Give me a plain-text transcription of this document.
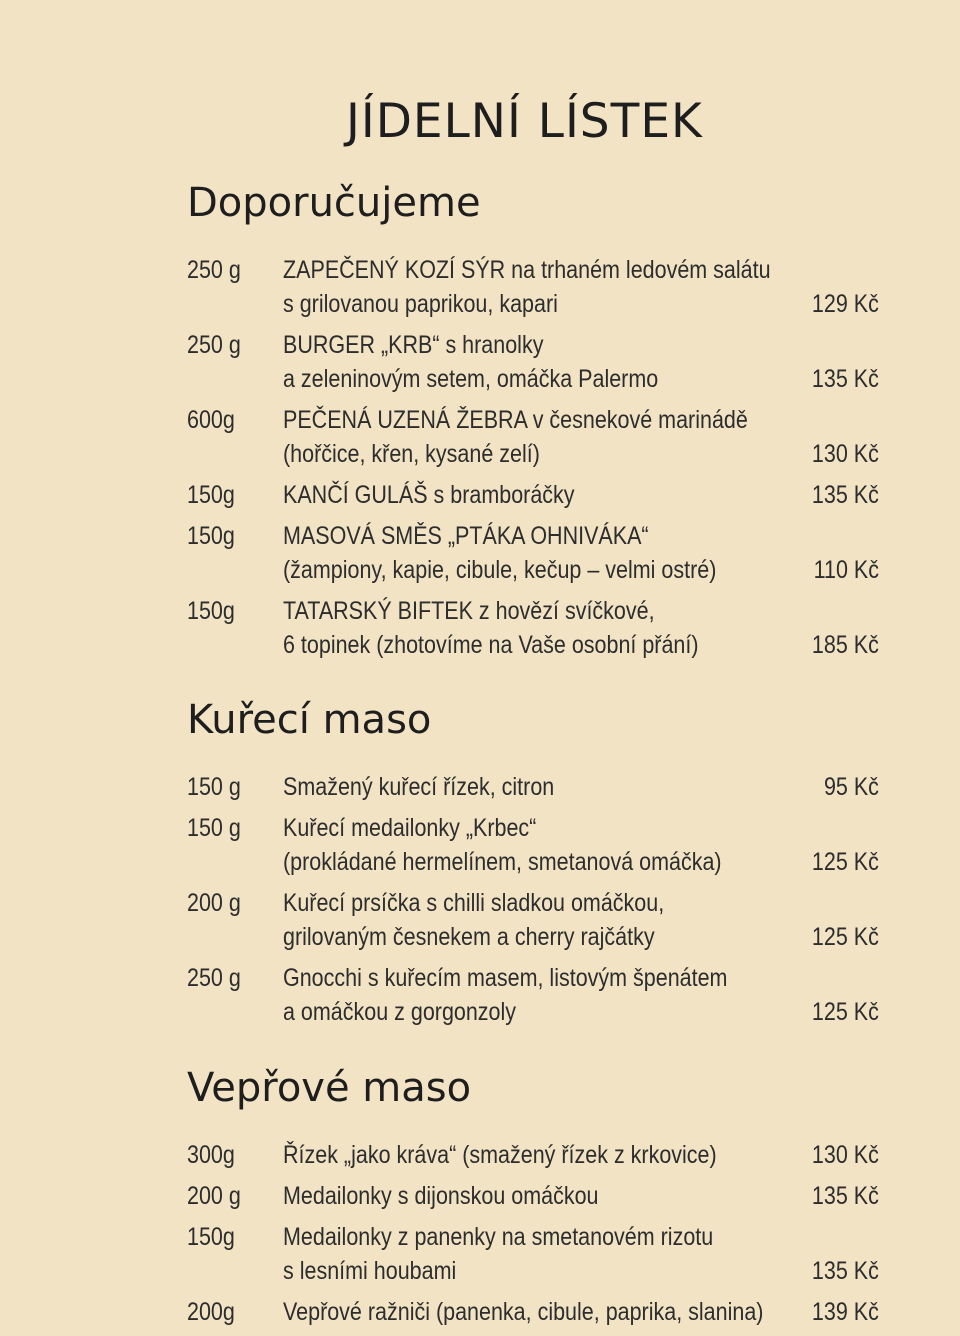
JÍDELNÍ LÍSTEK
Doporučujeme
250 g	ZAPEČENÝ KOZÍ SÝR na trhaném ledovém salátu
s grilovanou paprikou, kapari	129 Kč
250 g	BURGER „KRB“ s hranolky
a zeleninovým setem, omáčka Palermo	135 Kč
600g	PEČENÁ UZENÁ ŽEBRA v česnekové marinádě
(hořčice, křen, kysané zelí)	130 Kč
150g	KANČÍ GULÁŠ s bramboráčky	135 Kč
150g	MASOVÁ SMĚS „PTÁKA OHNIVÁKA“
(žampiony, kapie, cibule, kečup – velmi ostré)	110 Kč
150g	TATARSKÝ BIFTEK z hovězí svíčkové,
6 topinek (zhotovíme na Vaše osobní přání)	185 Kč
Kuřecí maso
150 g	Smažený kuřecí řízek, citron	95 Kč
150 g	Kuřecí medailonky „Krbec“
(prokládané hermelínem, smetanová omáčka)	125 Kč
200 g	Kuřecí prsíčka s chilli sladkou omáčkou,
grilovaným česnekem a cherry rajčátky	125 Kč
250 g	Gnocchi s kuřecím masem, listovým špenátem
a omáčkou z gorgonzoly	125 Kč
Vepřové maso
300g	Řízek „jako kráva“ (smažený řízek z krkovice)	130 Kč
200 g	Medailonky s dijonskou omáčkou	135 Kč
150g	Medailonky z panenky na smetanovém rizotu
s lesními houbami	135 Kč
200g	Vepřové ražniči (panenka, cibule, paprika, slanina) 139 Kč
